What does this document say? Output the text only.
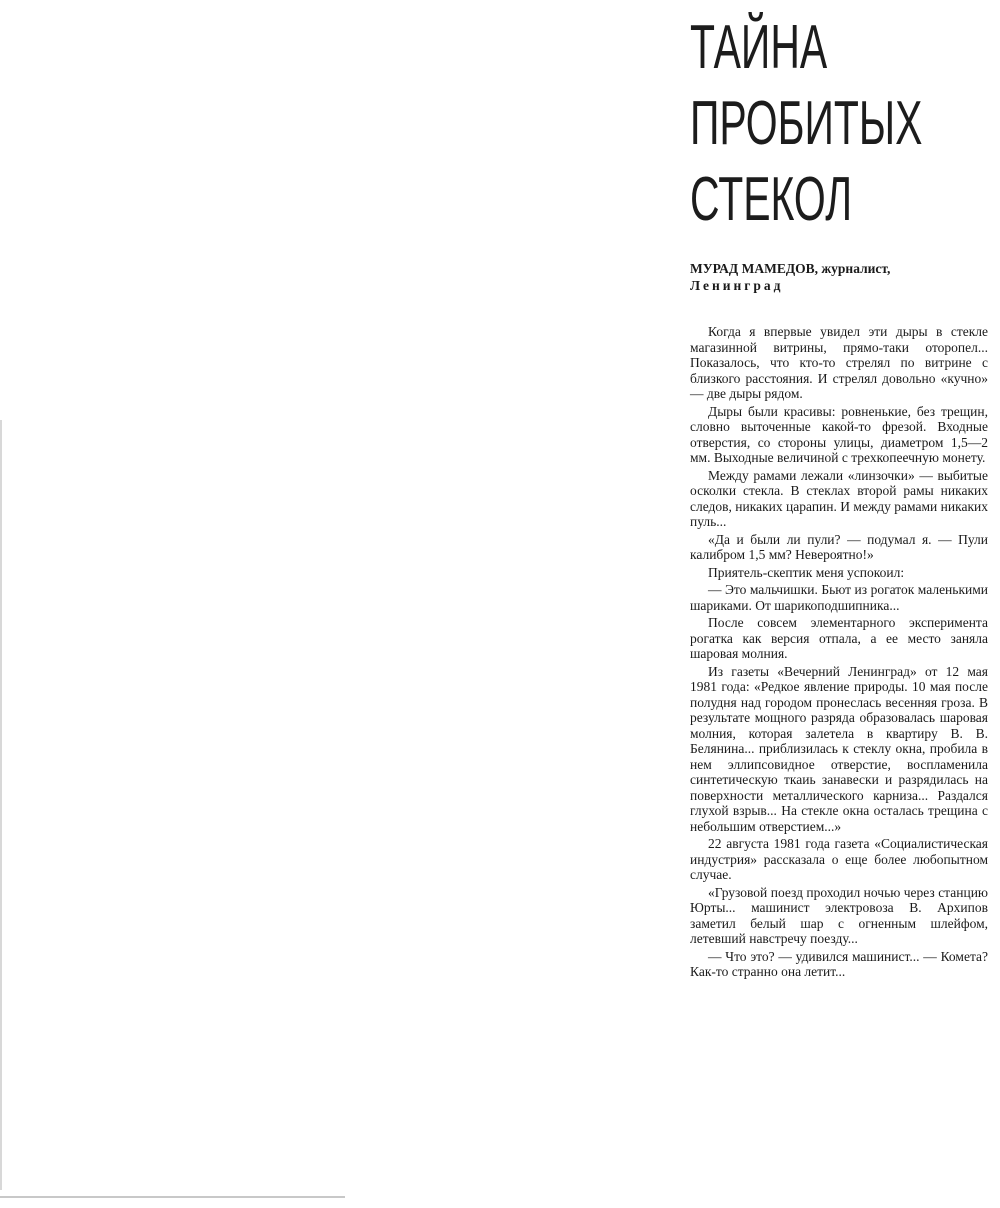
ТАЙНА
ПРОБИТЫХ
СТЕКОЛ
МУРАД МАМЕДОВ, журналист,
Ленинград

Когда я впервые увидел эти дыры в стекле магазинной витрины, прямо-таки оторопел... Показалось, что кто-то стрелял по витрине с близкого расстояния. И стрелял довольно «кучно» — две дыры рядом.

Дыры были красивы: ровненькие, без трещин, словно выточенные какой-то фрезой. Входные отверстия, со стороны улицы, диаметром 1,5—2 мм. Выходные величиной с трехкопеечную монету.

Между рамами лежали «линзочки» — выбитые осколки стекла. В стеклах второй рамы никаких следов, никаких царапин. И между рамами никаких пуль...

«Да и были ли пули? — подумал я. — Пули калибром 1,5 мм? Невероятно!»

Приятель-скептик меня успокоил:

— Это мальчишки. Бьют из рогаток маленькими шариками. От шарикоподшипника...

После совсем элементарного эксперимента рогатка как версия отпала, а ее место заняла шаровая молния.

Из газеты «Вечерний Ленинград» от 12 мая 1981 года: «Редкое явление природы. 10 мая после полудня над городом пронеслась весенняя гроза. В результате мощного разряда образовалась шаровая молния, которая залетела в квартиру В. В. Белянина... приблизилась к стеклу окна, пробила в нем эллипсовидное отверстие, воспламенила синтетическую ткаиь занавески и разрядилась на поверхности металлического карниза... Раздался глухой взрыв... На стекле окна осталась трещина с небольшим отверстием...»

22 августа 1981 года газета «Социалистическая индустрия» рассказала о еще более любопытном случае.

«Грузовой поезд проходил ночью через станцию Юрты... машинист электровоза В. Архипов заметил белый шар с огненным шлейфом, летевший навстречу поезду...

— Что это? — удивился машинист... — Комета? Как-то странно она летит...
